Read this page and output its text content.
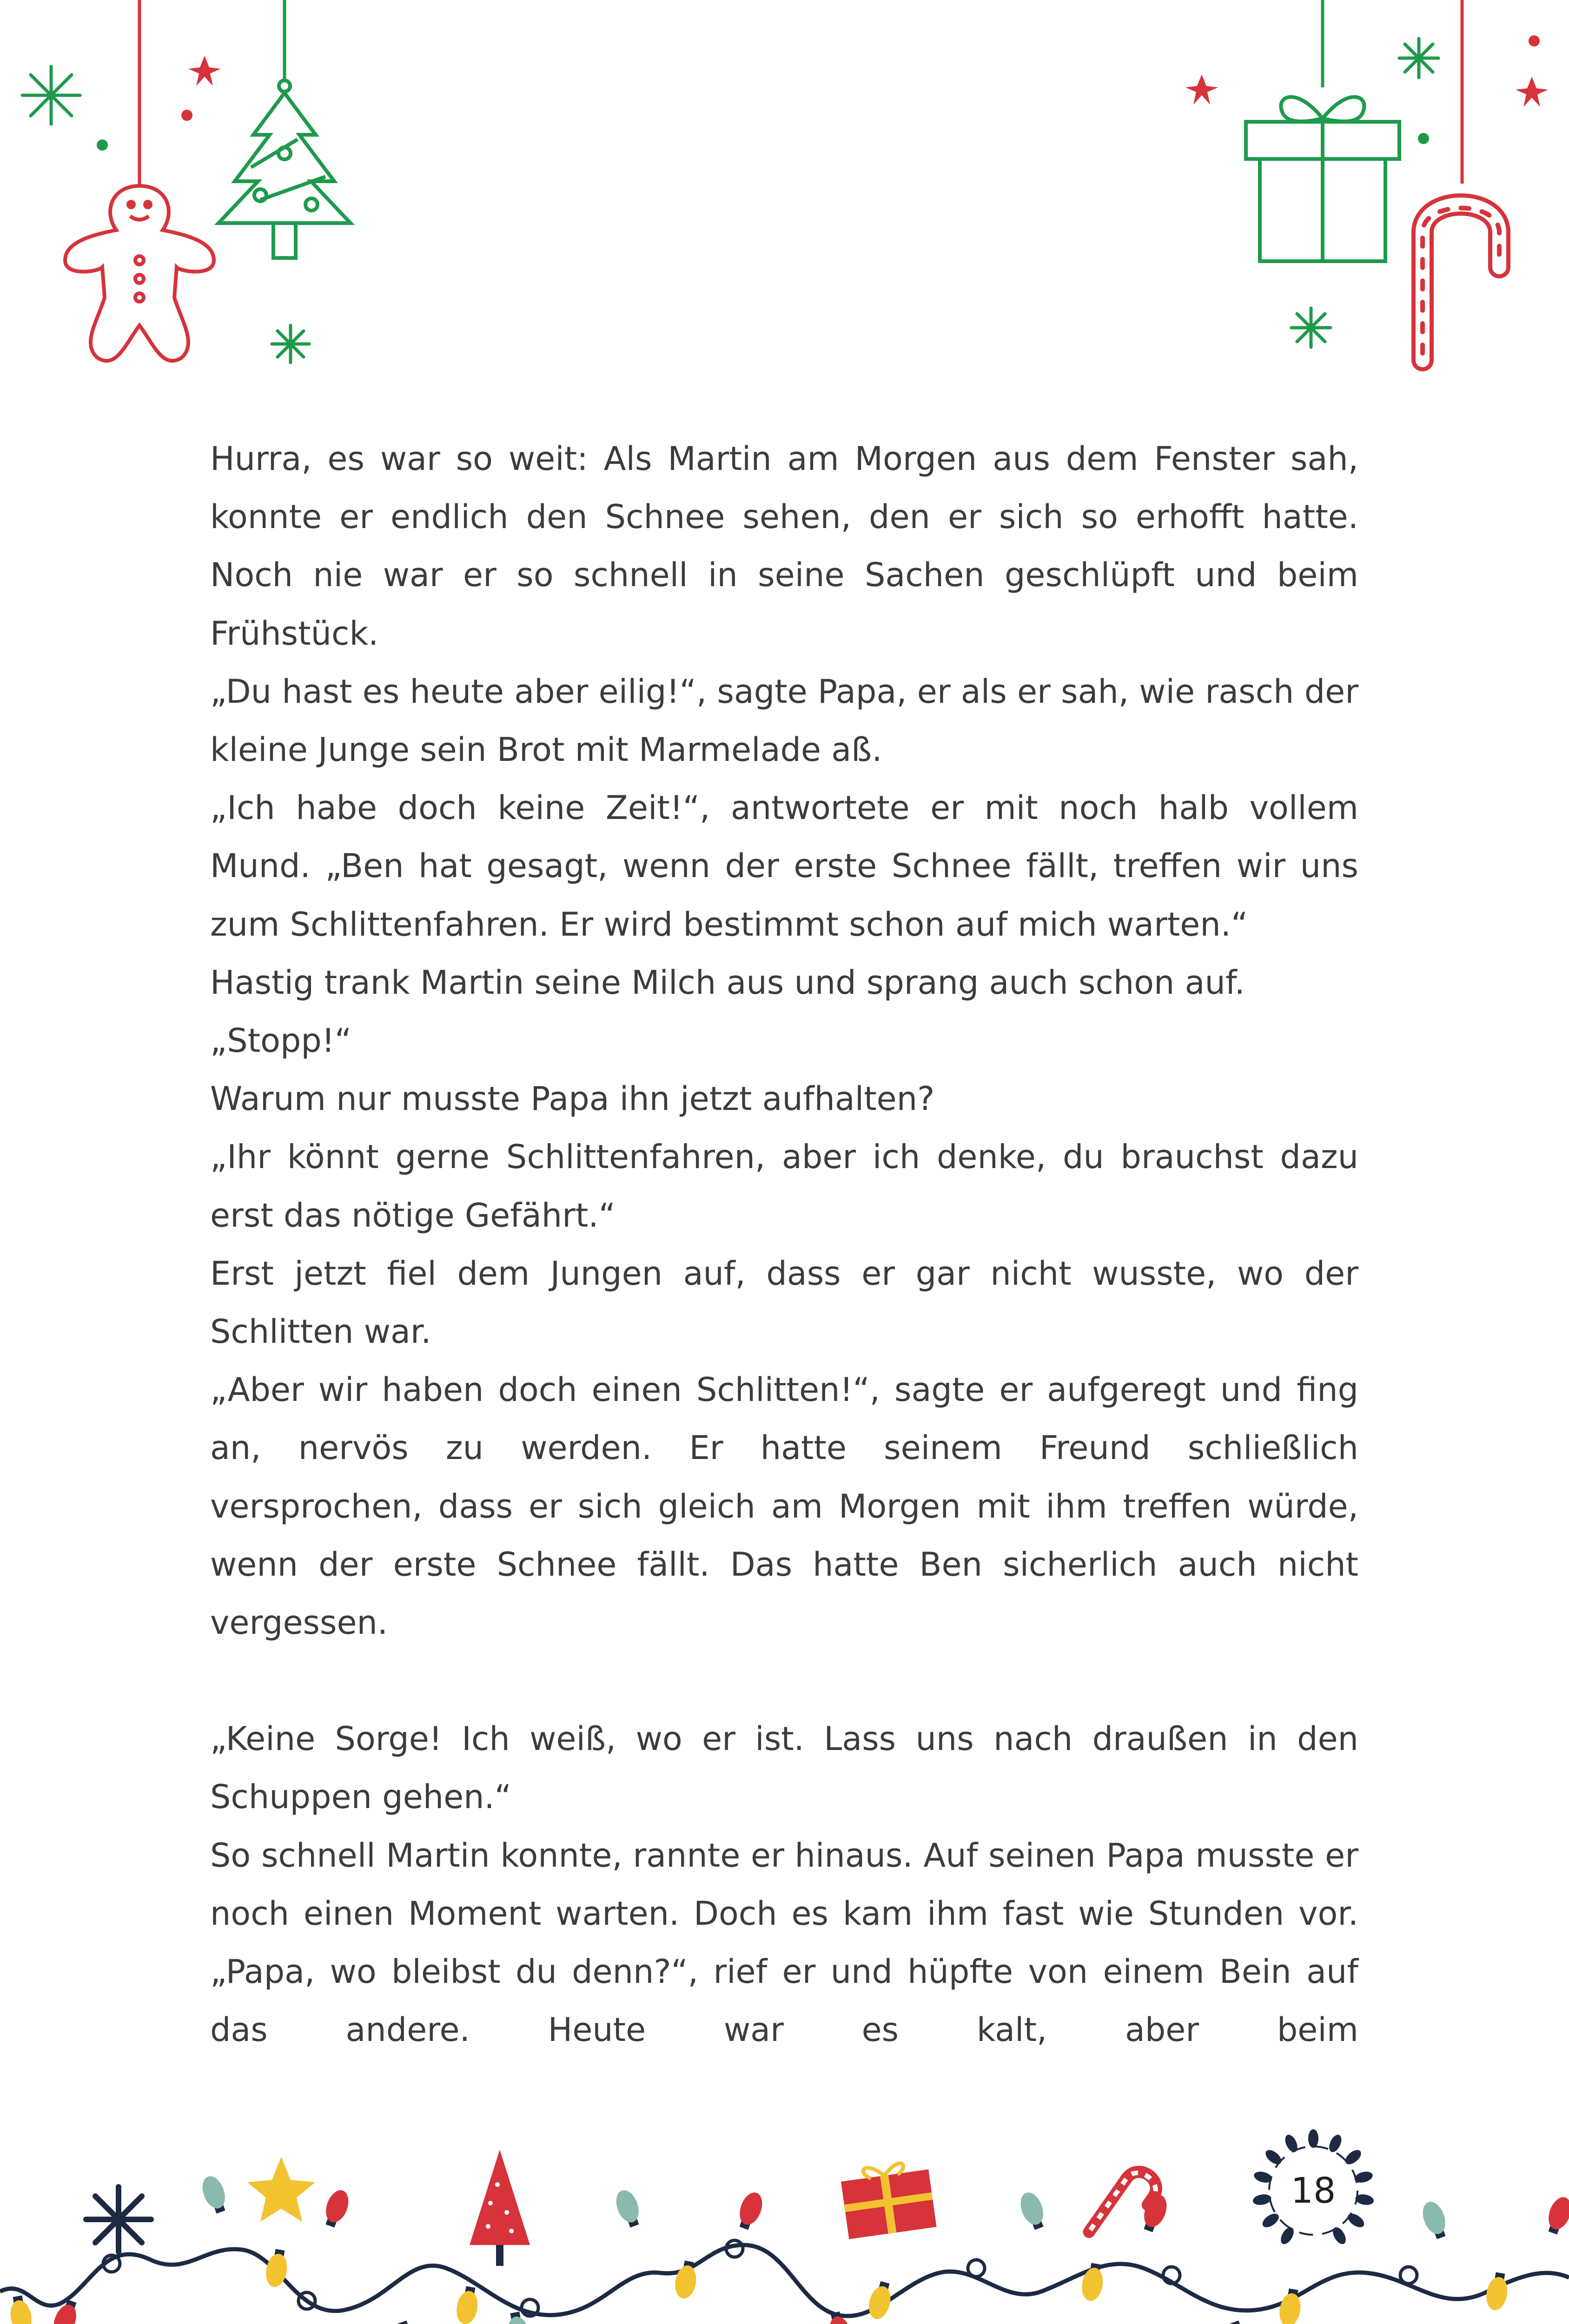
Hurra, es war so weit: Als Martin am Morgen aus dem Fenster sah, konnte er endlich den Schnee sehen, den er sich so erhofft hatte. Noch nie war er so schnell in seine Sachen geschlüpft und beim Frühstück.

„Du hast es heute aber eilig!“, sagte Papa, er als er sah, wie rasch der kleine Junge sein Brot mit Marmelade aß.

„Ich habe doch keine Zeit!“, antwortete er mit noch halb vollem Mund. „Ben hat gesagt, wenn der erste Schnee fällt, treffen wir uns zum Schlittenfahren. Er wird bestimmt schon auf mich warten.“

Hastig trank Martin seine Milch aus und sprang auch schon auf.

„Stopp!“

Warum nur musste Papa ihn jetzt aufhalten?

„Ihr könnt gerne Schlittenfahren, aber ich denke, du brauchst dazu erst das nötige Gefährt.“

Erst jetzt fiel dem Jungen auf, dass er gar nicht wusste, wo der Schlitten war.

„Aber wir haben doch einen Schlitten!“, sagte er aufgeregt und fing an, nervös zu werden. Er hatte seinem Freund schließlich versprochen, dass er sich gleich am Morgen mit ihm treffen würde, wenn der erste Schnee fällt. Das hatte Ben sicherlich auch nicht vergessen.

„Keine Sorge! Ich weiß, wo er ist. Lass uns nach draußen in den Schuppen gehen.“

So schnell Martin konnte, rannte er hinaus. Auf seinen Papa musste er noch einen Moment warten. Doch es kam ihm fast wie Stunden vor. „Papa, wo bleibst du denn?“, rief er und hüpfte von einem Bein auf das andere. Heute war es kalt, aber beim

18
